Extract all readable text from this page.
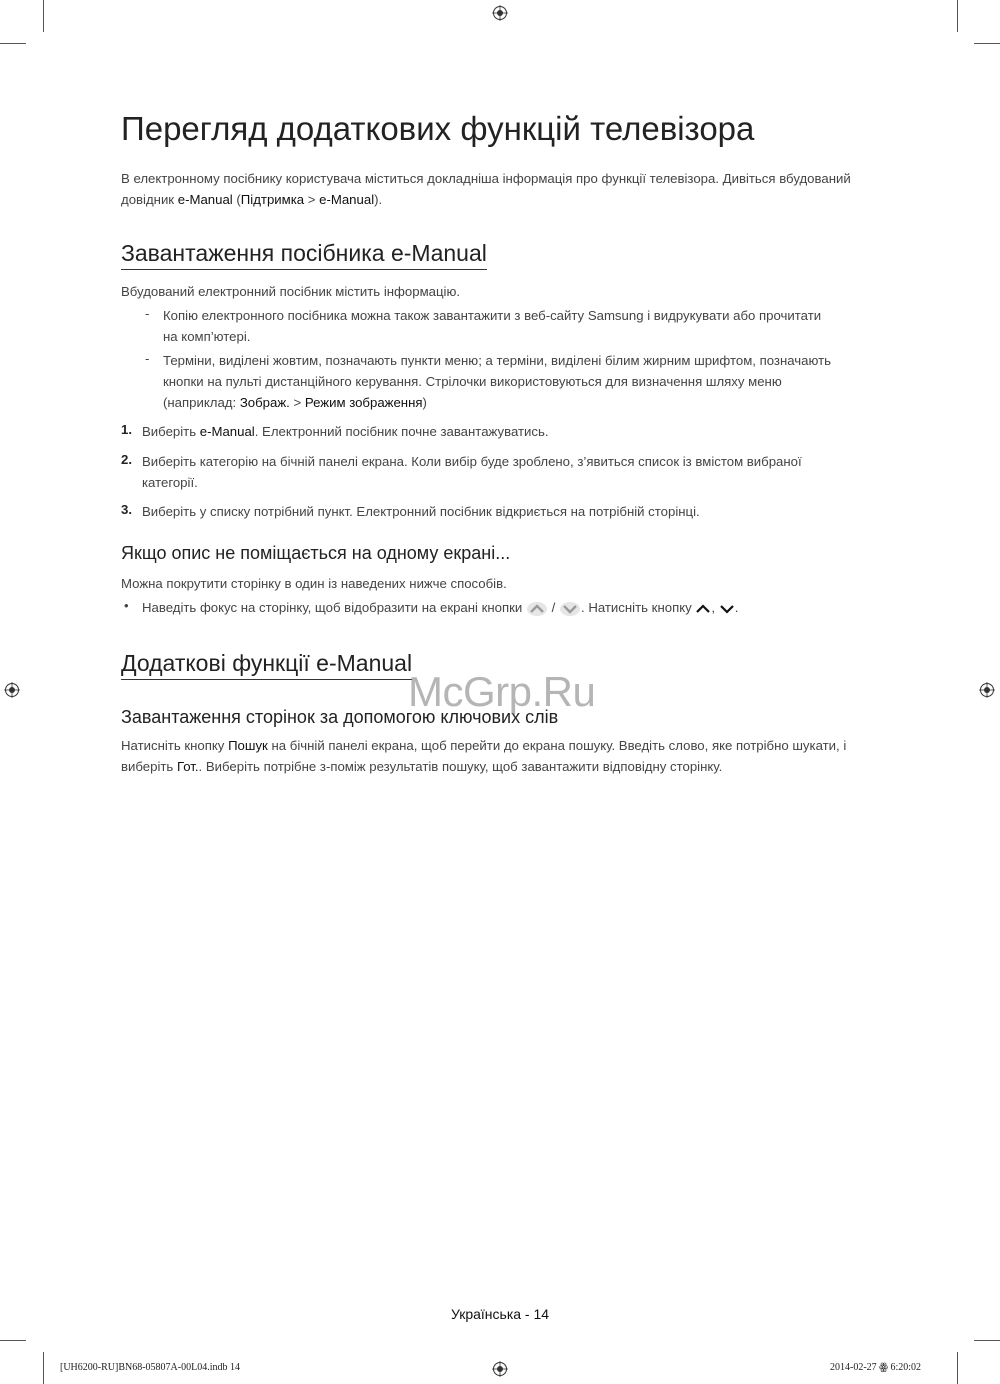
Перегляд додаткових функцій телевізора
В електронному посібнику користувача міститься докладніша інформація про функції телевізора. Дивіться вбудований
довідник e-Manual (Підтримка > e-Manual).
Завантаження посібника e-Manual
Вбудований електронний посібник містить інформацію.
- Копію електронного посібника можна також завантажити з веб-сайту Samsung і видрукувати або прочитати
на комп’ютері.
- Терміни, виділені жовтим, позначають пункти меню; а терміни, виділені білим жирним шрифтом, позначають
кнопки на пульті дистанційного керування. Стрілочки використовуються для визначення шляху меню
(наприклад: Зображ. > Режим зображення)
1. Виберіть e-Manual. Електронний посібник почне завантажуватись.
2. Виберіть категорію на бічній панелі екрана. Коли вибір буде зроблено, з’явиться список із вмістом вибраної
категорії.
3. Виберіть у списку потрібний пункт. Електронний посібник відкриється на потрібній сторінці.
Якщо опис не поміщається на одному екрані...
Можна покрутити сторінку в один із наведених нижче способів.
• Наведіть фокус на сторінку, щоб відобразити на екрані кнопки / . Натисніть кнопку , .
Додаткові функції e-Manual
Завантаження сторінок за допомогою ключових слів
Натисніть кнопку Пошук на бічній панелі екрана, щоб перейти до екрана пошуку. Введіть слово, яке потрібно шукати, і
виберіть Гот.. Виберіть потрібне з-поміж результатів пошуку, щоб завантажити відповідну сторінку.
McGrp.Ru
Українська - 14
[UH6200-RU]BN68-05807A-00L04.indb 14	2014-02-27 ꙮ 6:20:02
